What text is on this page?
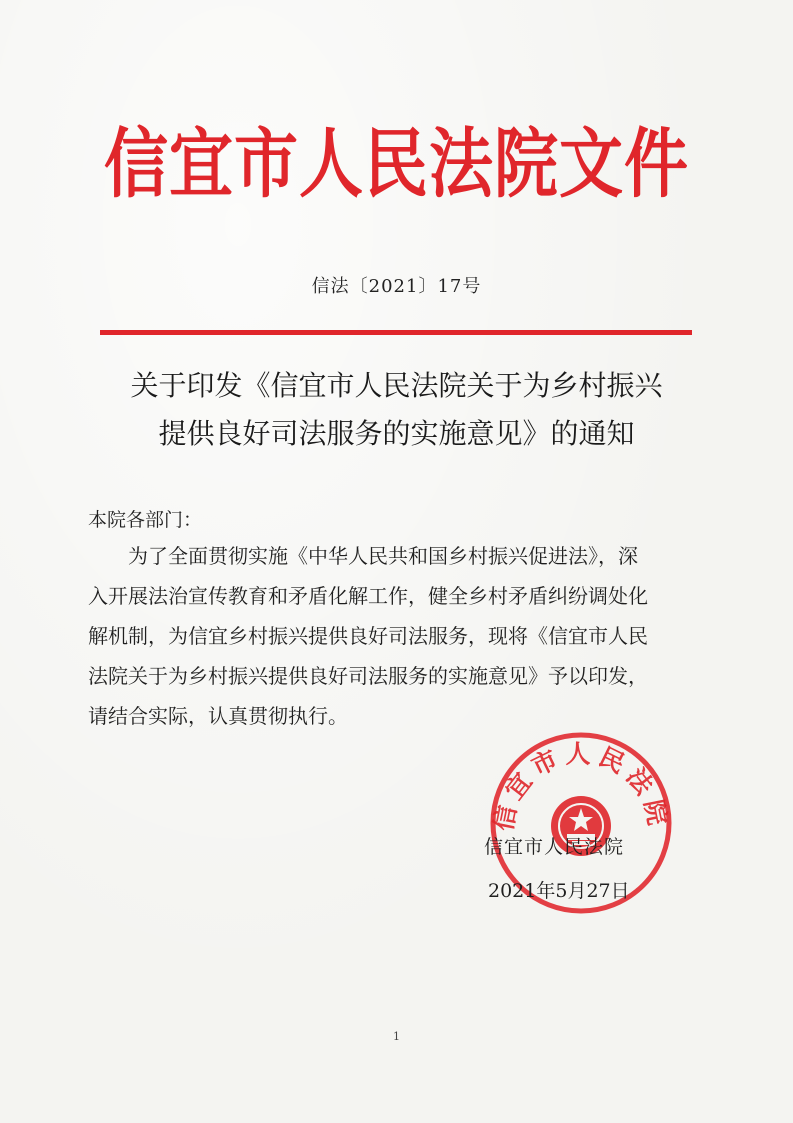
信宜市人民法院文件
信法〔2021〕17号
关于印发《信宜市人民法院关于为乡村振兴
提供良好司法服务的实施意见》的通知
本院各部门：
为了全面贯彻实施《中华人民共和国乡村振兴促进法》，深
入开展法治宣传教育和矛盾化解工作，健全乡村矛盾纠纷调处化
解机制，为信宜乡村振兴提供良好司法服务，现将《信宜市人民
法院关于为乡村振兴提供良好司法服务的实施意见》予以印发，
请结合实际，认真贯彻执行。
信宜市人民法院
信宜市人民法院
2021年5月27日
1
